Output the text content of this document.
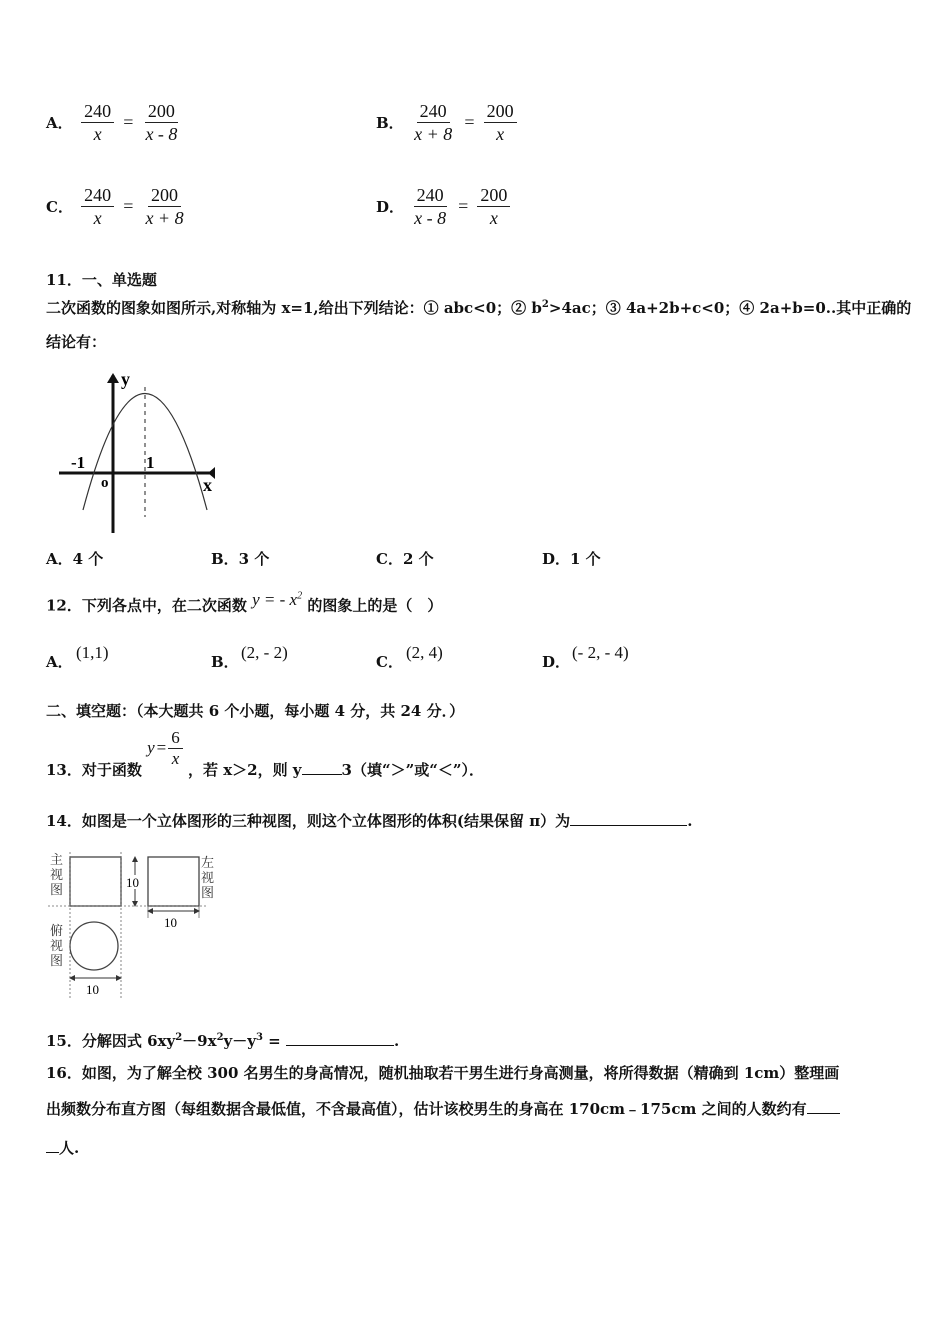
A． $\frac{240}{x} = \frac{200}{x - 8}$	B． $\frac{240}{x + 8} = \frac{200}{x}$
C． $\frac{240}{x} = \frac{200}{x + 8}$	D． $\frac{240}{x - 8} = \frac{200}{x}$
11．一、单选题
二次函数的图象如图所示,对称轴为 x=1,给出下列结论：① abc<0；② $b^2>4ac$；③ 4a+2b+c<0；④ 2a+b=0..其中正确的
结论有：
y
x
o
-1	1
A．4 个	B．3 个	C．2 个	D．1 个
12．下列各点中，在二次函数 y = - $x^2$ 的图象上的是（　）
A． (1,1)	B． (2, - 2)	C． (2, 4)	D． (- 2, - 4)
二、填空题：（本大题共 6 个小题，每小题 4 分，共 24 分．）
13．对于函数 $y = \frac{6}{x}$
，若 x＞2，则 y	3（填“＞”或“＜”）．
14．如图是一个立体图形的三种视图，则这个立体图形的体积(结果保留 π）为	.
10
10
10
主视图
左视图
俯视图
15．分解因式 $6xy^2-9x^2y-y^3$ =	.
16．如图，为了解全校 300 名男生的身高情况，随机抽取若干男生进行身高测量，将所得数据（精确到 1cm）整理画
出频数分布直方图（每组数据含最低值，不含最高值），估计该校男生的身高在 170cm﹣175cm 之间的人数约有
人.
